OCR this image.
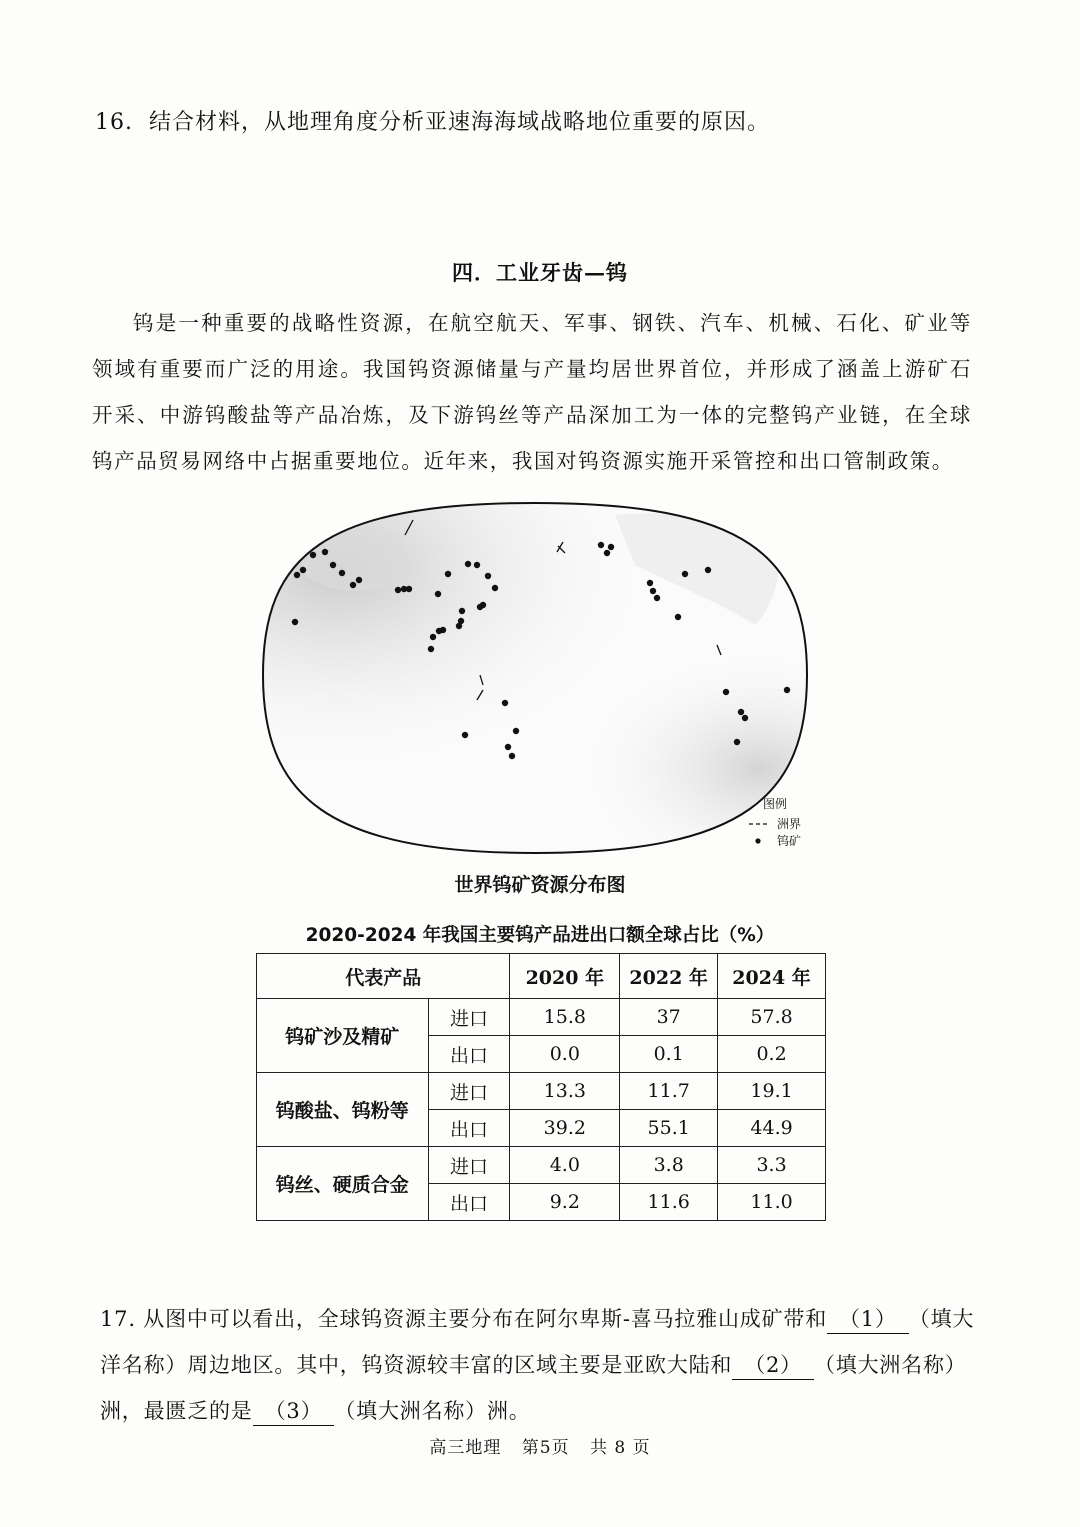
16. 结合材料，从地理角度分析亚速海海域战略地位重要的原因。
四．工业牙齿—钨

钨是一种重要的战略性资源，在航空航天、军事、钢铁、汽车、机械、石化、矿业等领域有重要而广泛的用途。我国钨资源储量与产量均居世界首位，并形成了涵盖上游矿石开采、中游钨酸盐等产品冶炼，及下游钨丝等产品深加工为一体的完整钨产业链，在全球钨产品贸易网络中占据重要地位。近年来，我国对钨资源实施开采管控和出口管制政策。

图例
洲界
钨矿
世界钨矿资源分布图
2020-2024 年我国主要钨产品进出口额全球占比（%）
代表产品		2020 年	2022 年	2024 年
钨矿沙及精矿	进口	15.8	37	57.8
	出口	0.0	0.1	0.2
钨酸盐、钨粉等	进口	13.3	11.7	19.1
	出口	39.2	55.1	44.9
钨丝、硬质合金	进口	4.0	3.8	3.3
	出口	9.2	11.6	11.0

17. 从图中可以看出，全球钨资源主要分布在阿尔卑斯-喜马拉雅山成矿带和 （1） （填大洋名称）周边地区。其中，钨资源较丰富的区域主要是亚欧大陆和 （2） （填大洲名称）洲，最匮乏的是 （3） （填大洲名称）洲。

高三地理 第5页 共 8 页
